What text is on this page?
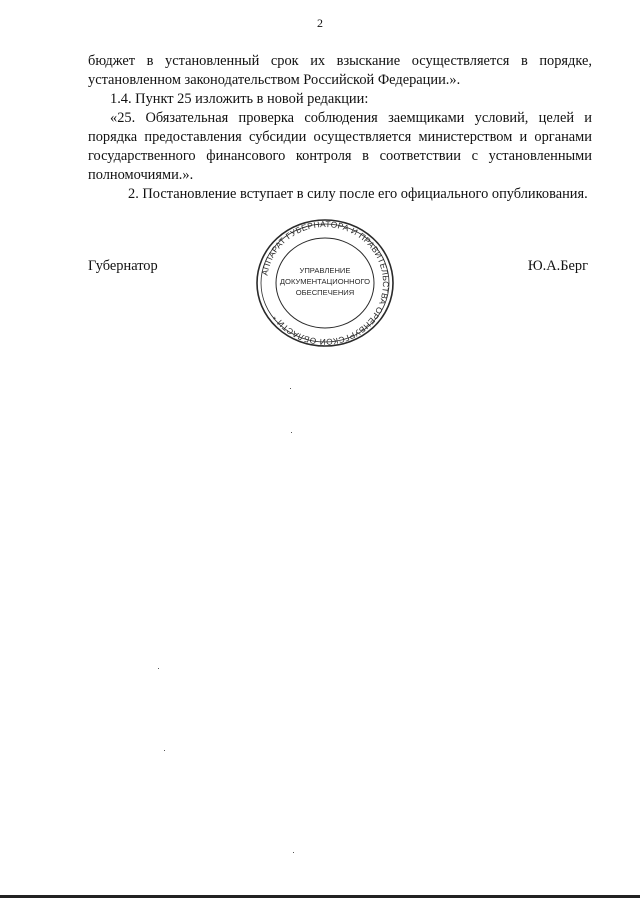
2

бюджет в установленный срок их взыскание осуществляется в порядке, установленном законодательством Российской Федерации.».

1.4. Пункт 25 изложить в новой редакции:

«25. Обязательная проверка соблюдения заемщиками условий, целей и порядка предоставления субсидии осуществляется министерством и органами государственного финансового контроля в соответствии с установленными полномочиями.».

2. Постановление вступает в силу после его официального опубликования.

Губернатор	Ю.А.Берг
АППАРАТ ГУБЕРНАТОРА И ПРАВИТЕЛЬСТВА ОРЕНБУРГСКОЙ ОБЛАСТИ *
УПРАВЛЕНИЕ
ДОКУМЕНТАЦИОННОГО
ОБЕСПЕЧЕНИЯ
